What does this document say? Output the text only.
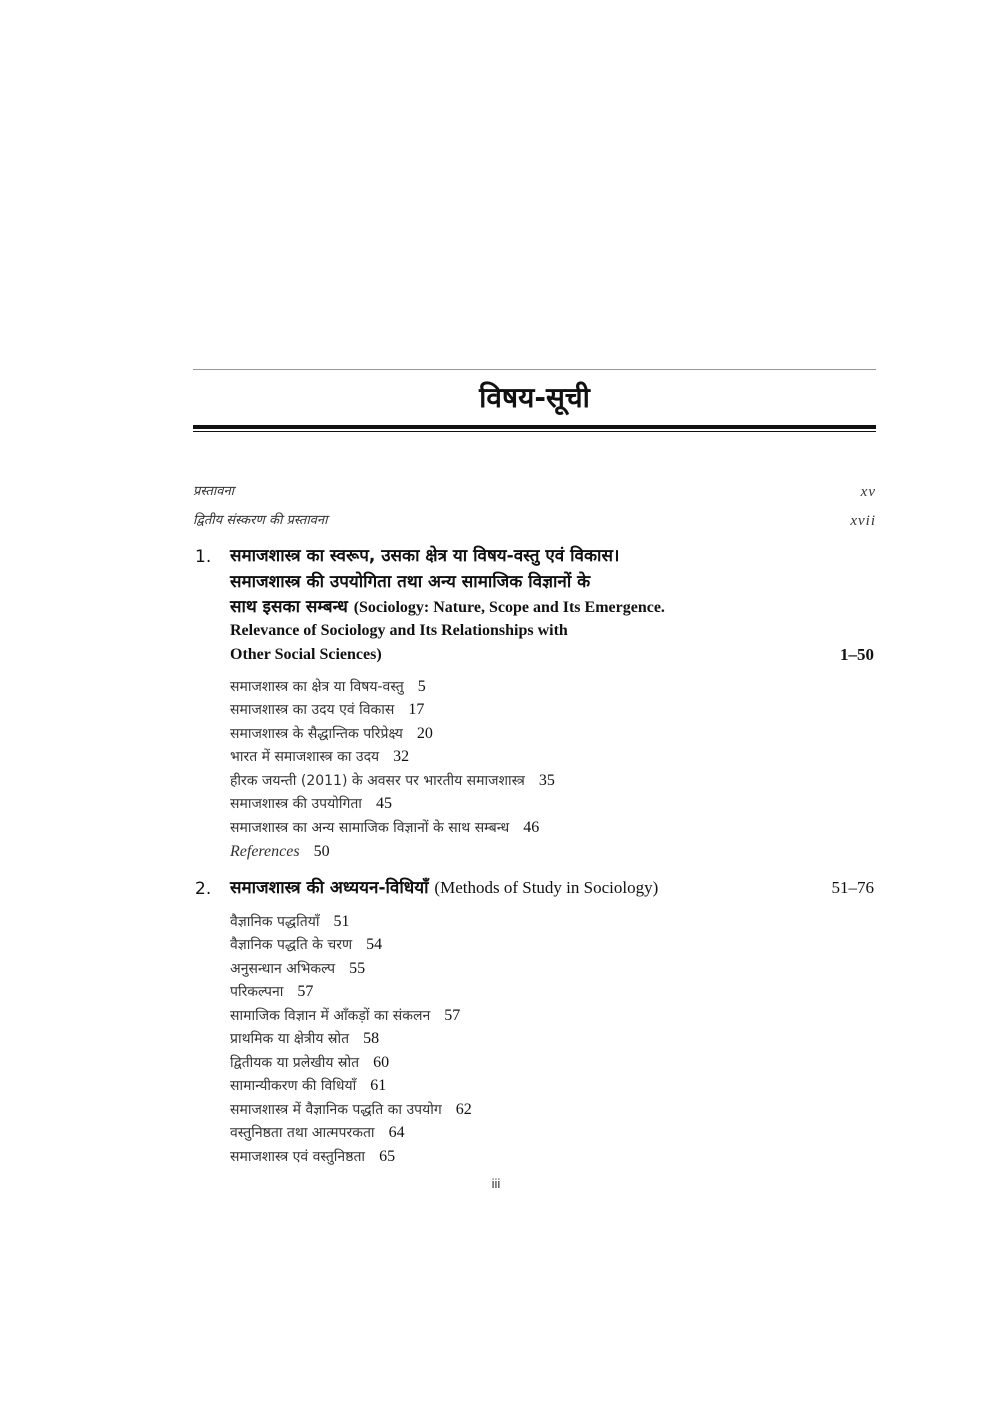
विषय-सूची
प्रस्तावना	xv
द्वितीय संस्करण की प्रस्तावना	xvii
1. समाजशास्त्र का स्वरूप, उसका क्षेत्र या विषय-वस्तु एवं विकास।
समाजशास्त्र की उपयोगिता तथा अन्य सामाजिक विज्ञानों के
साथ इसका सम्बन्ध (Sociology: Nature, Scope and Its Emergence.
Relevance of Sociology and Its Relationships with
Other Social Sciences)	1–50
समाजशास्त्र का क्षेत्र या विषय-वस्तु 5
समाजशास्त्र का उदय एवं विकास 17
समाजशास्त्र के सैद्धान्तिक परिप्रेक्ष्य 20
भारत में समाजशास्त्र का उदय 32
हीरक जयन्ती (2011) के अवसर पर भारतीय समाजशास्त्र 35
समाजशास्त्र की उपयोगिता 45
समाजशास्त्र का अन्य सामाजिक विज्ञानों के साथ सम्बन्ध 46
References 50
2. समाजशास्त्र की अध्ययन-विधियाँ (Methods of Study in Sociology)	51–76
वैज्ञानिक पद्धतियाँ 51
वैज्ञानिक पद्धति के चरण 54
अनुसन्धान अभिकल्प 55
परिकल्पना 57
सामाजिक विज्ञान में आँकड़ों का संकलन 57
प्राथमिक या क्षेत्रीय स्रोत 58
द्वितीयक या प्रलेखीय स्रोत 60
सामान्यीकरण की विधियाँ 61
समाजशास्त्र में वैज्ञानिक पद्धति का उपयोग 62
वस्तुनिष्ठता तथा आत्मपरकता 64
समाजशास्त्र एवं वस्तुनिष्ठता 65
iii
